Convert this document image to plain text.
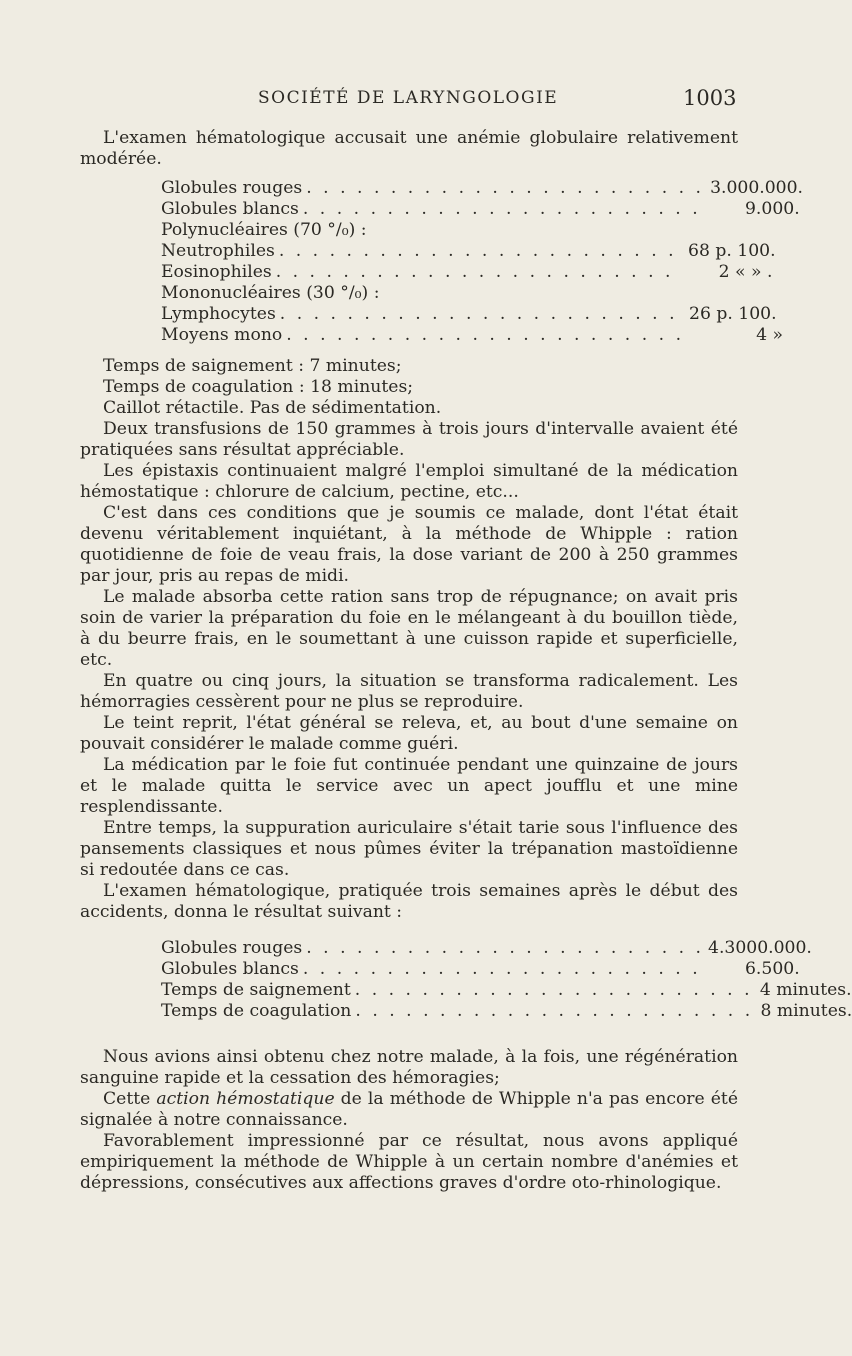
SOCIÉTÉ DE LARYNGOLOGIE	1003

L'examen hématologique accusait une anémie globulaire relativement modérée.

Globules rouges . . . . . . . . . . . . . . . . . . . . . . . . 3.000.000.
Globules blancs . . . . . . . . . . . . . . . . . . . . . . . .	9.000.
Polynucléaires (70 °/₀) :
Neutrophiles . . . . . . . . . . . . . . . . . . . . . . . . 68 p. 100.
Eosinophiles . . . . . . . . . . . . . . . . . . . . . . . .	2 « » .
Mononucléaires (30 °/₀) :
Lymphocytes . . . . . . . . . . . . . . . . . . . . . . . . 26 p. 100.
Moyens mono . . . . . . . . . . . . . . . . . . . . . . . .	4 »

Temps de saignement : 7 minutes;

Temps de coagulation : 18 minutes;

Caillot rétactile. Pas de sédimentation.

Deux transfusions de 150 grammes à trois jours d'intervalle avaient été pratiquées sans résultat appréciable.

Les épistaxis continuaient malgré l'emploi simultané de la médication hémostatique : chlorure de calcium, pectine, etc...

C'est dans ces conditions que je soumis ce malade, dont l'état était devenu véritablement inquiétant, à la méthode de Whipple : ration quotidienne de foie de veau frais, la dose variant de 200 à 250 grammes par jour, pris au repas de midi.

Le malade absorba cette ration sans trop de répugnance; on avait pris soin de varier la préparation du foie en le mélangeant à du bouillon tiède, à du beurre frais, en le soumettant à une cuisson rapide et superficielle, etc.

En quatre ou cinq jours, la situation se transforma radicalement. Les hémorragies cessèrent pour ne plus se reproduire.

Le teint reprit, l'état général se releva, et, au bout d'une semaine on pouvait considérer le malade comme guéri.

La médication par le foie fut continuée pendant une quinzaine de jours et le malade quitta le service avec un apect joufflu et une mine resplendissante.

Entre temps, la suppuration auriculaire s'était tarie sous l'influence des pansements classiques et nous pûmes éviter la trépanation mastoïdienne si redoutée dans ce cas.

L'examen hématologique, pratiquée trois semaines après le début des accidents, donna le résultat suivant :

Globules rouges . . . . . . . . . . . . . . . . . . . . . . . . 4.3000.000.
Globules blancs . . . . . . . . . . . . . . . . . . . . . . . .	6.500.
Temps de saignement . . . . . . . . . . . . . . . . . . . . . . . . 4 minutes.
Temps de coagulation . . . . . . . . . . . . . . . . . . . . . . . . 8 minutes.

Nous avions ainsi obtenu chez notre malade, à la fois, une régénération sanguine rapide et la cessation des hémoragies;

Cette action hémostatique de la méthode de Whipple n'a pas encore été signalée à notre connaissance.

Favorablement impressionné par ce résultat, nous avons appliqué empiriquement la méthode de Whipple à un certain nombre d'anémies et dépressions, consécutives aux affections graves d'ordre oto-rhinologique.
